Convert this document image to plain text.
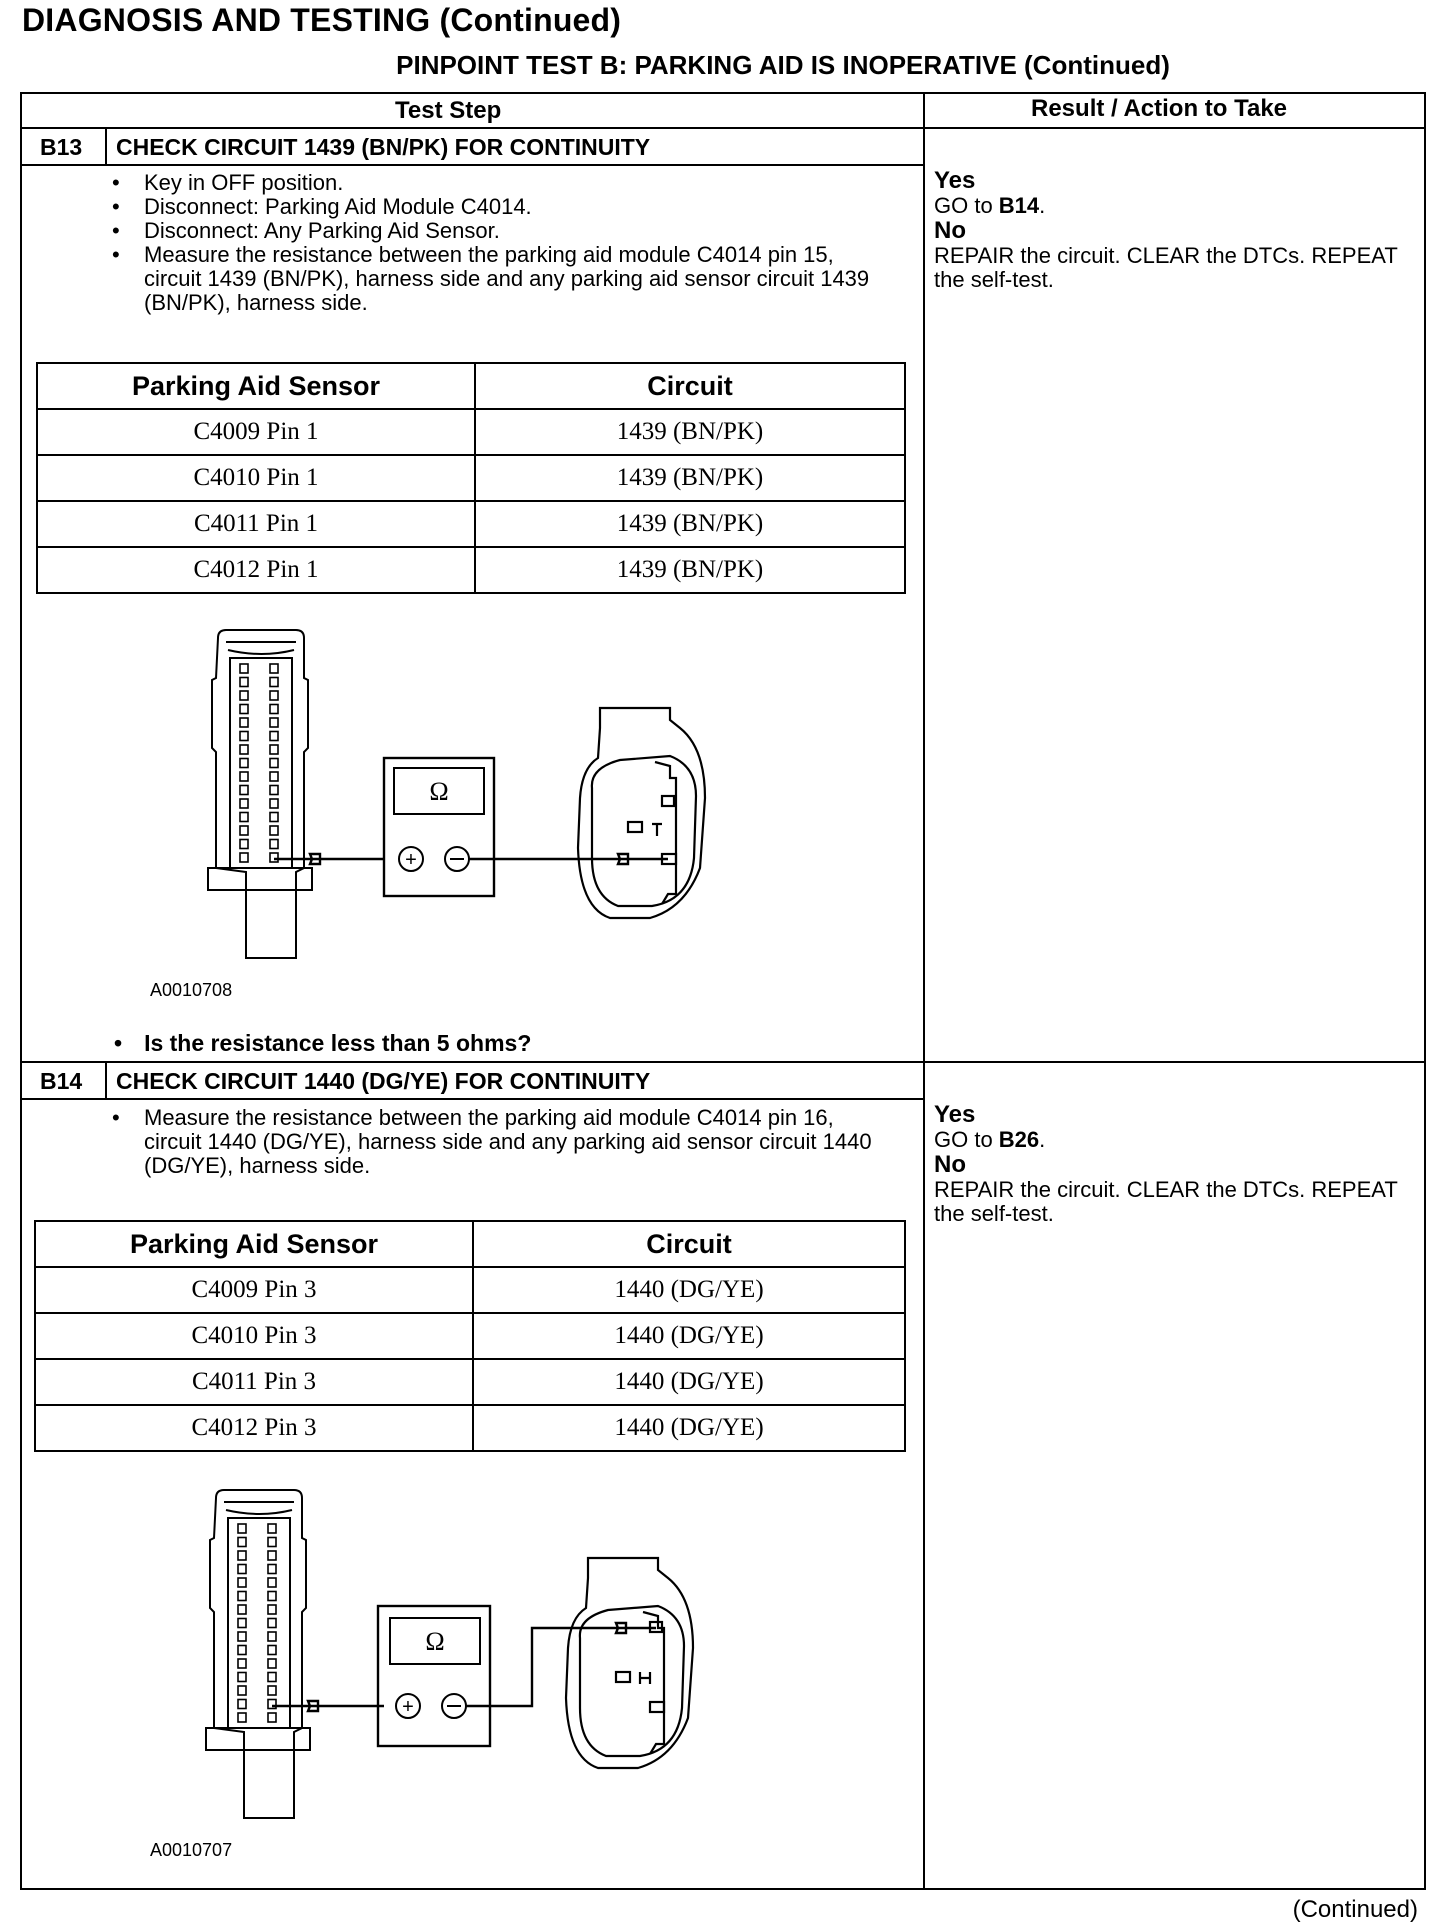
DIAGNOSIS AND TESTING (Continued)
PINPOINT TEST B: PARKING AID IS INOPERATIVE (Continued)
Test Step	Result / Action to Take
B13 CHECK CIRCUIT 1439 (BN/PK) FOR CONTINUITY
• Key in OFF position.
• Disconnect: Parking Aid Module C4014.
• Disconnect: Any Parking Aid Sensor.
• Measure the resistance between the parking aid module C4014 pin 15, circuit 1439 (BN/PK), harness side and any parking aid sensor circuit 1439 (BN/PK), harness side.
Yes
GO to B14.
No
REPAIR the circuit. CLEAR the DTCs. REPEAT the self-test.
Parking Aid Sensor	Circuit
C4009 Pin 1	1439 (BN/PK)
C4010 Pin 1	1439 (BN/PK)
C4011 Pin 1	1439 (BN/PK)
C4012 Pin 1	1439 (BN/PK)
Ω
+
A0010708
• Is the resistance less than 5 ohms?
B14 CHECK CIRCUIT 1440 (DG/YE) FOR CONTINUITY
• Measure the resistance between the parking aid module C4014 pin 16, circuit 1440 (DG/YE), harness side and any parking aid sensor circuit 1440 (DG/YE), harness side.
Yes
GO to B26.
No
REPAIR the circuit. CLEAR the DTCs. REPEAT the self-test.
Parking Aid Sensor	Circuit
C4009 Pin 3	1440 (DG/YE)
C4010 Pin 3	1440 (DG/YE)
C4011 Pin 3	1440 (DG/YE)
C4012 Pin 3	1440 (DG/YE)
Ω
+
A0010707
(Continued)
